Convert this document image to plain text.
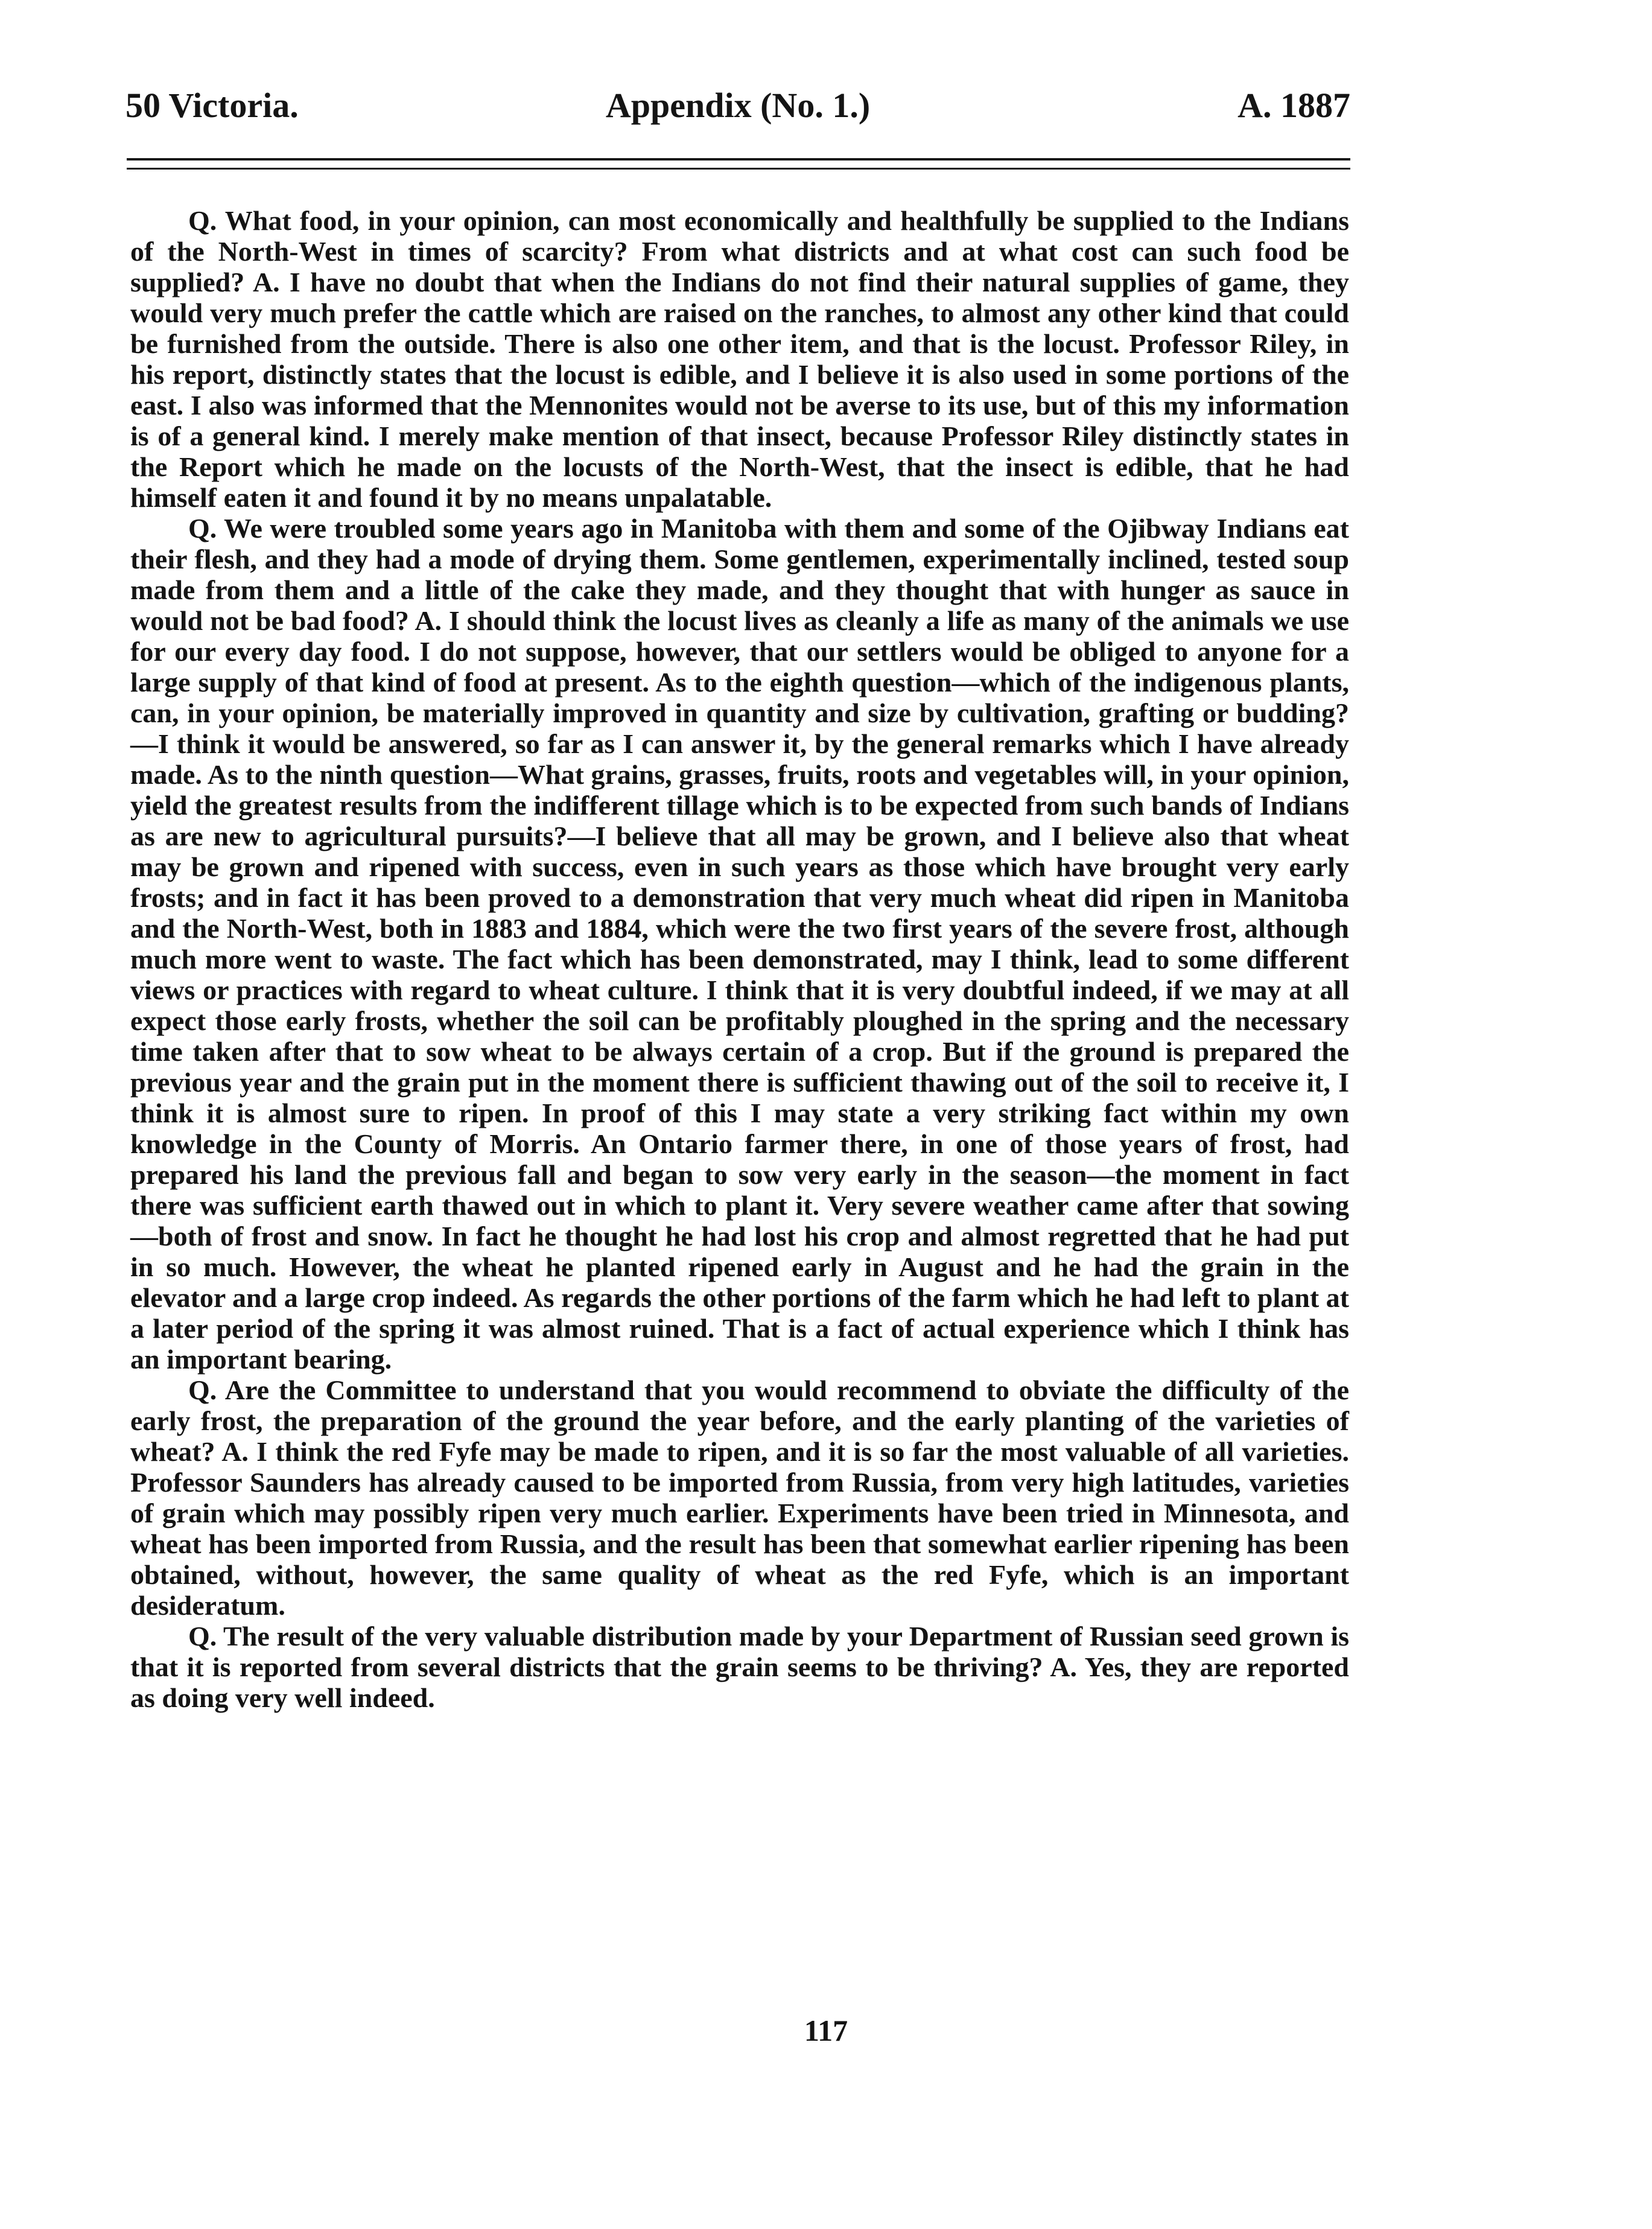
50 Victoria.	Appendix (No. 1.)	A. 1887

Q. What food, in your opinion, can most economically and healthfully be supplied to the Indians of the North-West in times of scarcity? From what districts and at what cost can such food be supplied? A. I have no doubt that when the Indians do not find their natural supplies of game, they would very much prefer the cattle which are raised on the ranches, to almost any other kind that could be furnished from the outside. There is also one other item, and that is the locust. Professor Riley, in his report, distinctly states that the locust is edible, and I believe it is also used in some portions of the east. I also was informed that the Mennonites would not be averse to its use, but of this my information is of a general kind. I merely make mention of that insect, because Professor Riley distinctly states in the Report which he made on the locusts of the North-West, that the insect is edible, that he had himself eaten it and found it by no means unpalatable.

Q. We were troubled some years ago in Manitoba with them and some of the Ojibway Indians eat their flesh, and they had a mode of drying them. Some gentlemen, experimentally inclined, tested soup made from them and a little of the cake they made, and they thought that with hunger as sauce in would not be bad food? A. I should think the locust lives as cleanly a life as many of the animals we use for our every day food. I do not suppose, however, that our settlers would be obliged to anyone for a large supply of that kind of food at present. As to the eighth question—which of the indigenous plants, can, in your opinion, be materially improved in quantity and size by cultivation, grafting or budding?—I think it would be answered, so far as I can answer it, by the general remarks which I have already made. As to the ninth question—What grains, grasses, fruits, roots and vegetables will, in your opinion, yield the greatest results from the indifferent tillage which is to be expected from such bands of Indians as are new to agricultural pursuits?—I believe that all may be grown, and I believe also that wheat may be grown and ripened with success, even in such years as those which have brought very early frosts; and in fact it has been proved to a demonstration that very much wheat did ripen in Manitoba and the North-West, both in 1883 and 1884, which were the two first years of the severe frost, although much more went to waste. The fact which has been demonstrated, may I think, lead to some different views or practices with regard to wheat culture. I think that it is very doubtful indeed, if we may at all expect those early frosts, whether the soil can be profitably ploughed in the spring and the necessary time taken after that to sow wheat to be always certain of a crop. But if the ground is prepared the previous year and the grain put in the moment there is sufficient thawing out of the soil to receive it, I think it is almost sure to ripen. In proof of this I may state a very striking fact within my own knowledge in the County of Morris. An Ontario farmer there, in one of those years of frost, had prepared his land the previous fall and began to sow very early in the season—the moment in fact there was sufficient earth thawed out in which to plant it. Very severe weather came after that sowing—both of frost and snow. In fact he thought he had lost his crop and almost regretted that he had put in so much. However, the wheat he planted ripened early in August and he had the grain in the elevator and a large crop indeed. As regards the other portions of the farm which he had left to plant at a later period of the spring it was almost ruined. That is a fact of actual experience which I think has an important bearing.

Q. Are the Committee to understand that you would recommend to obviate the difficulty of the early frost, the preparation of the ground the year before, and the early planting of the varieties of wheat? A. I think the red Fyfe may be made to ripen, and it is so far the most valuable of all varieties. Professor Saunders has already caused to be imported from Russia, from very high latitudes, varieties of grain which may possibly ripen very much earlier. Experiments have been tried in Minnesota, and wheat has been imported from Russia, and the result has been that somewhat earlier ripening has been obtained, without, however, the same quality of wheat as the red Fyfe, which is an important desideratum.

Q. The result of the very valuable distribution made by your Department of Russian seed grown is that it is reported from several districts that the grain seems to be thriving? A. Yes, they are reported as doing very well indeed.

117
